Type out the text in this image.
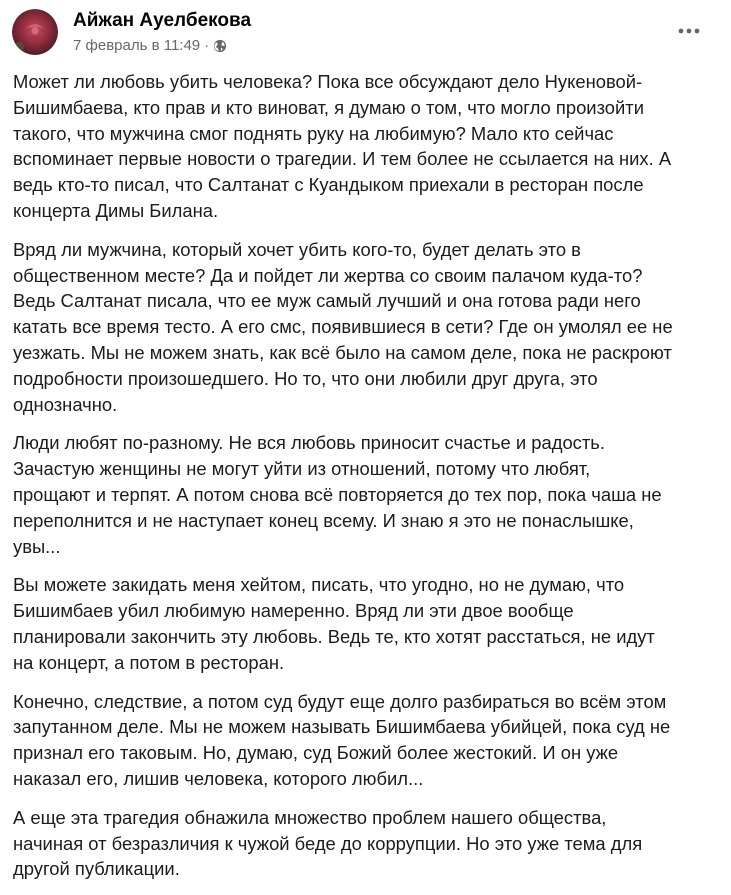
Айжан Ауелбекова
7 февраль в 11:49 ·

Может ли любовь убить человека? Пока все обсуждают дело Нукеновой-
Бишимбаева, кто прав и кто виноват, я думаю о том, что могло произойти
такого, что мужчина смог поднять руку на любимую? Мало кто сейчас
вспоминает первые новости о трагедии. И тем более не ссылается на них. А
ведь кто-то писал, что Салтанат с Куандыком приехали в ресторан после
концерта Димы Билана.

Вряд ли мужчина, который хочет убить кого-то, будет делать это в
общественном месте? Да и пойдет ли жертва со своим палачом куда-то?
Ведь Салтанат писала, что ее муж самый лучший и она готова ради него
катать все время тесто. А его смс, появившиеся в сети? Где он умолял ее не
уезжать. Мы не можем знать, как всё было на самом деле, пока не раскроют
подробности произошедшего. Но то, что они любили друг друга, это
однозначно.

Люди любят по-разному. Не вся любовь приносит счастье и радость.
Зачастую женщины не могут уйти из отношений, потому что любят,
прощают и терпят. А потом снова всё повторяется до тех пор, пока чаша не
переполнится и не наступает конец всему. И знаю я это не понаслышке,
увы...

Вы можете закидать меня хейтом, писать, что угодно, но не думаю, что
Бишимбаев убил любимую намеренно. Вряд ли эти двое вообще
планировали закончить эту любовь. Ведь те, кто хотят расстаться, не идут
на концерт, а потом в ресторан.

Конечно, следствие, а потом суд будут еще долго разбираться во всём этом
запутанном деле. Мы не можем называть Бишимбаева убийцей, пока суд не
признал его таковым. Но, думаю, суд Божий более жестокий. И он уже
наказал его, лишив человека, которого любил...

А еще эта трагедия обнажила множество проблем нашего общества,
начиная от безразличия к чужой беде до коррупции. Но это уже тема для
другой публикации.
